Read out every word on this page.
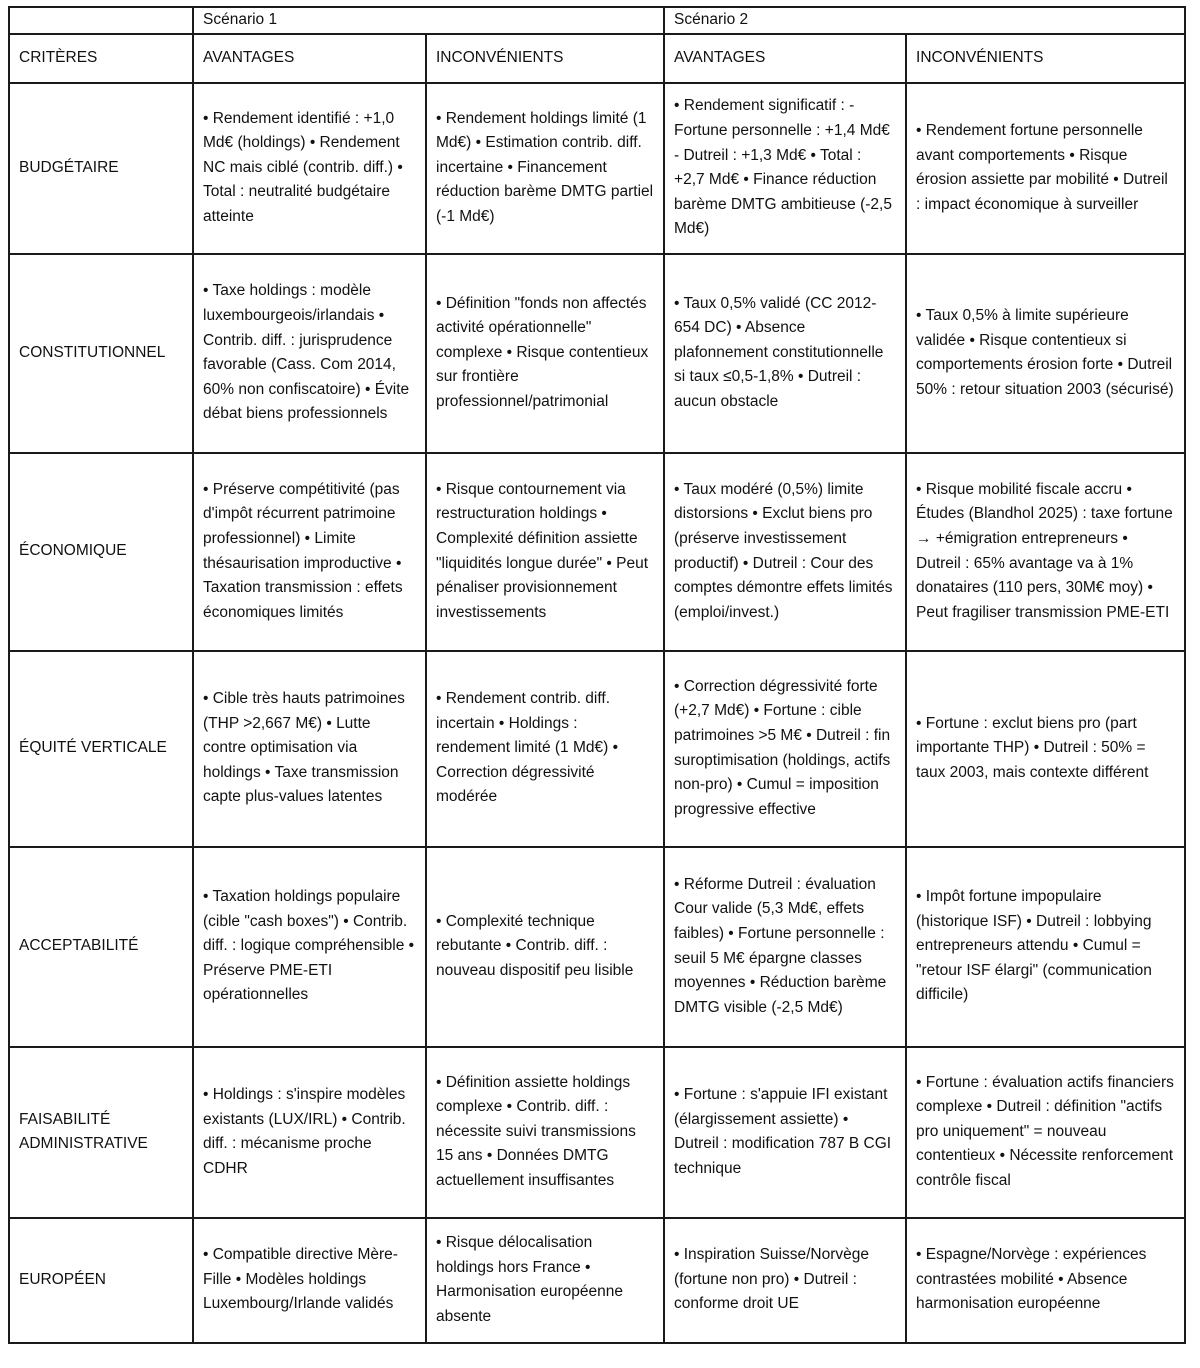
	Scénario 1		Scénario 2	
CRITÈRES	AVANTAGES	INCONVÉNIENTS	AVANTAGES	INCONVÉNIENTS
BUDGÉTAIRE	• Rendement identifié : +1,0 Md€ (holdings) • Rendement NC mais ciblé (contrib. diff.) • Total : neutralité budgétaire atteinte	• Rendement holdings limité (1 Md€) • Estimation contrib. diff. incertaine • Financement réduction barème DMTG partiel (-1 Md€)	• Rendement significatif : - Fortune personnelle : +1,4 Md€ - Dutreil : +1,3 Md€ • Total : +2,7 Md€ • Finance réduction barème DMTG ambitieuse (-2,5 Md€)	• Rendement fortune personnelle avant comportements • Risque érosion assiette par mobilité • Dutreil : impact économique à surveiller
CONSTITUTIONNEL	• Taxe holdings : modèle luxembourgeois/irlandais • Contrib. diff. : jurisprudence favorable (Cass. Com 2014, 60% non confiscatoire) • Évite débat biens professionnels	• Définition "fonds non affectés activité opérationnelle" complexe • Risque contentieux sur frontière professionnel/patrimonial	• Taux 0,5% validé (CC 2012-654 DC) • Absence plafonnement constitutionnelle si taux ≤0,5-1,8% • Dutreil : aucun obstacle	• Taux 0,5% à limite supérieure validée • Risque contentieux si comportements érosion forte • Dutreil 50% : retour situation 2003 (sécurisé)
ÉCONOMIQUE	• Préserve compétitivité (pas d'impôt récurrent patrimoine professionnel) • Limite thésaurisation improductive • Taxation transmission : effets économiques limités	• Risque contournement via restructuration holdings • Complexité définition assiette "liquidités longue durée" • Peut pénaliser provisionnement investissements	• Taux modéré (0,5%) limite distorsions • Exclut biens pro (préserve investissement productif) • Dutreil : Cour des comptes démontre effets limités (emploi/invest.)	• Risque mobilité fiscale accru • Études (Blandhol 2025) : taxe fortune → +émigration entrepreneurs • Dutreil : 65% avantage va à 1% donataires (110 pers, 30M€ moy) • Peut fragiliser transmission PME-ETI
ÉQUITÉ VERTICALE	• Cible très hauts patrimoines (THP >2,667 M€) • Lutte contre optimisation via holdings • Taxe transmission capte plus-values latentes	• Rendement contrib. diff. incertain • Holdings : rendement limité (1 Md€) • Correction dégressivité modérée	• Correction dégressivité forte (+2,7 Md€) • Fortune : cible patrimoines >5 M€ • Dutreil : fin suroptimisation (holdings, actifs non-pro) • Cumul = imposition progressive effective	• Fortune : exclut biens pro (part importante THP) • Dutreil : 50% = taux 2003, mais contexte différent
ACCEPTABILITÉ	• Taxation holdings populaire (cible "cash boxes") • Contrib. diff. : logique compréhensible • Préserve PME-ETI opérationnelles	• Complexité technique rebutante • Contrib. diff. : nouveau dispositif peu lisible	• Réforme Dutreil : évaluation Cour valide (5,3 Md€, effets faibles) • Fortune personnelle : seuil 5 M€ épargne classes moyennes • Réduction barème DMTG visible (-2,5 Md€)	• Impôt fortune impopulaire (historique ISF) • Dutreil : lobbying entrepreneurs attendu • Cumul = "retour ISF élargi" (communication difficile)
FAISABILITÉ ADMINISTRATIVE	• Holdings : s'inspire modèles existants (LUX/IRL) • Contrib. diff. : mécanisme proche CDHR	• Définition assiette holdings complexe • Contrib. diff. : nécessite suivi transmissions 15 ans • Données DMTG actuellement insuffisantes	• Fortune : s'appuie IFI existant (élargissement assiette) • Dutreil : modification 787 B CGI technique	• Fortune : évaluation actifs financiers complexe • Dutreil : définition "actifs pro uniquement" = nouveau contentieux • Nécessite renforcement contrôle fiscal
EUROPÉEN	• Compatible directive Mère-Fille • Modèles holdings Luxembourg/Irlande validés	• Risque délocalisation holdings hors France • Harmonisation européenne absente	• Inspiration Suisse/Norvège (fortune non pro) • Dutreil : conforme droit UE	• Espagne/Norvège : expériences contrastées mobilité • Absence harmonisation européenne
